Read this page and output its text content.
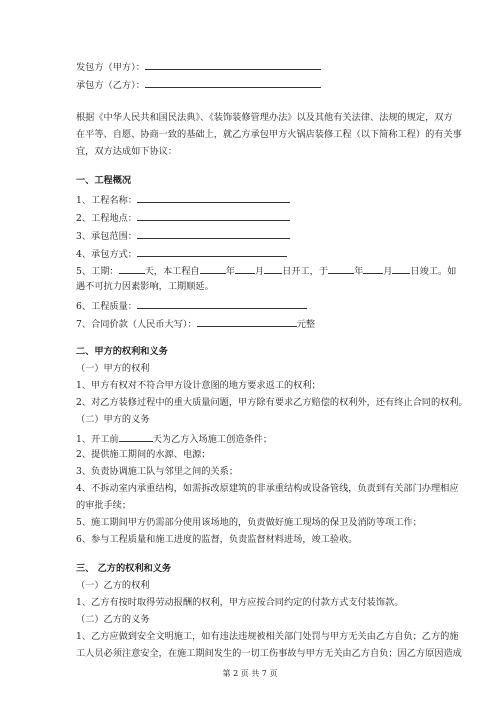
发包方（甲方）：
承包方（乙方）：
根据《中华人民共和国民法典》、《装饰装修管理办法》以及其他有关法律、法规的规定，双方
在平等、自愿、协商一致的基础上，就乙方承包甲方火锅店装修工程（以下简称工程）的有关事
宜，双方达成如下协议：
一、工程概况
1、工程名称：
2、工程地点：
3、承包范围：
4、承包方式：
5、工期：	天，本工程自	年 月 日开工，于	年 月 日竣工。如
遇不可抗力因素影响，工期顺延。
6、工程质量：
7、合同价款（人民币大写）：	元整
二、甲方的权利和义务
（一）甲方的权利
1、甲方有权对不符合甲方设计意图的地方要求返工的权利；
2、对乙方装修过程中的重大质量问题，甲方除有要求乙方赔偿的权利外，还有终止合同的权利。
（二）甲方的义务
1、开工前	天为乙方入场施工创造条件；
2、提供施工期间的水源、电源；
3、负责协调施工队与邻里之间的关系；
4、不拆动室内承重结构，如需拆改原建筑的非承重结构或设备管线，负责到有关部门办理相应
的审批手续；
5、施工期间甲方仍需部分使用该场地的，负责做好施工现场的保卫及消防等项工作；
6、参与工程质量和施工进度的监督，负责监督材料进场，竣工验收。
三、 乙方的权利和义务
（一）乙方的权利
1、乙方有按时取得劳动报酬的权利，甲方应按合同约定的付款方式支付装饰款。
（二）乙方的义务
1、乙方应做到安全文明施工，如有违法违规被相关部门处罚与甲方无关由乙方自负；乙方的施
工人员必须注意安全，在施工期间发生的一切工伤事故与甲方无关由乙方自负；因乙方原因造成
第 2 页 共 7 页
